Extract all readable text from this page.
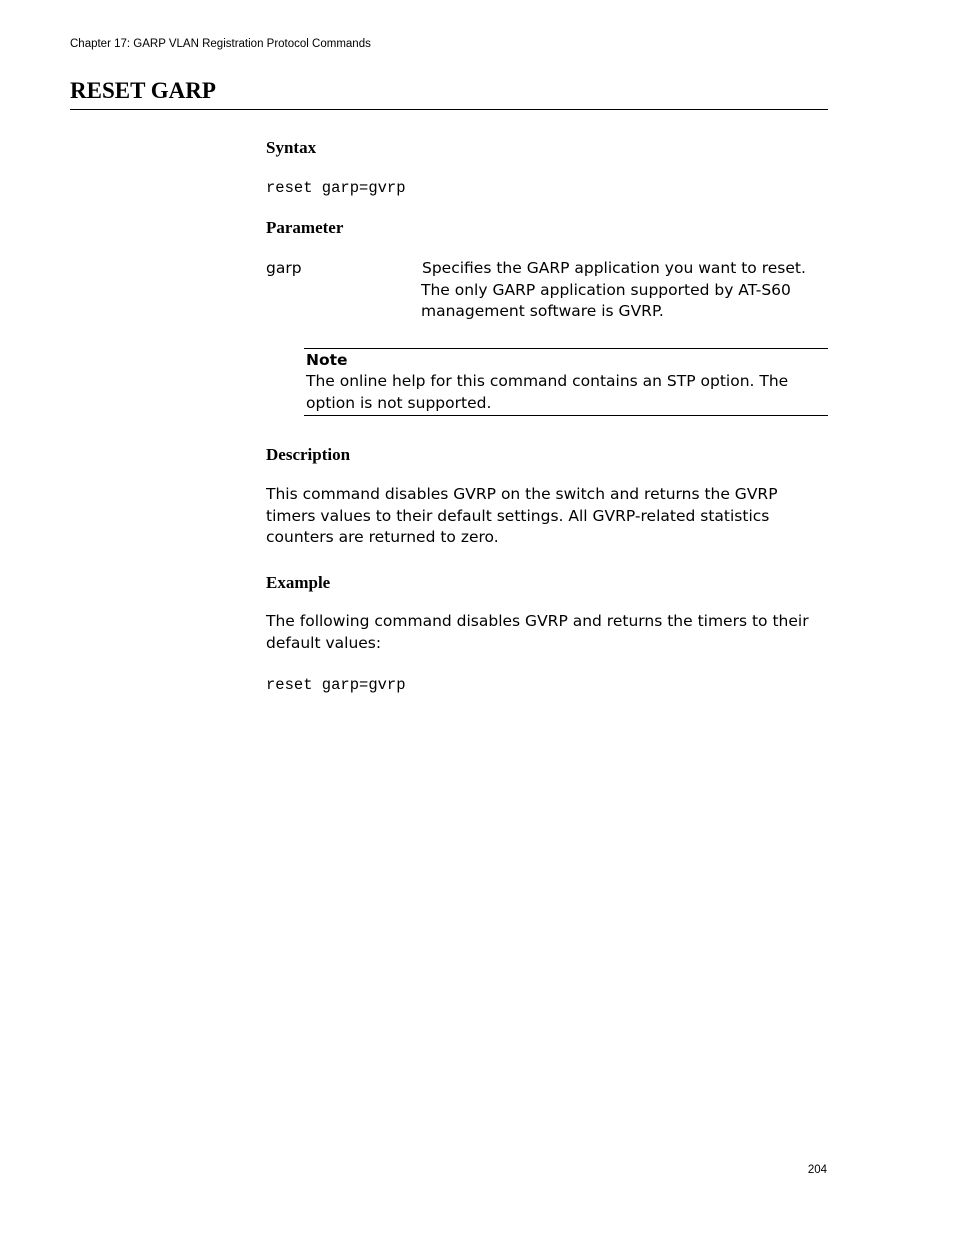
Chapter 17: GARP VLAN Registration Protocol Commands
RESET GARP
Syntax
reset garp=gvrp
Parameter
garp	Specifies the GARP application you want to reset. The only GARP application supported by AT-S60 management software is GVRP.
Note
The online help for this command contains an STP option. The option is not supported.
Description

This command disables GVRP on the switch and returns the GVRP timers values to their default settings. All GVRP-related statistics counters are returned to zero.

Example

The following command disables GVRP and returns the timers to their default values:

reset garp=gvrp
204
